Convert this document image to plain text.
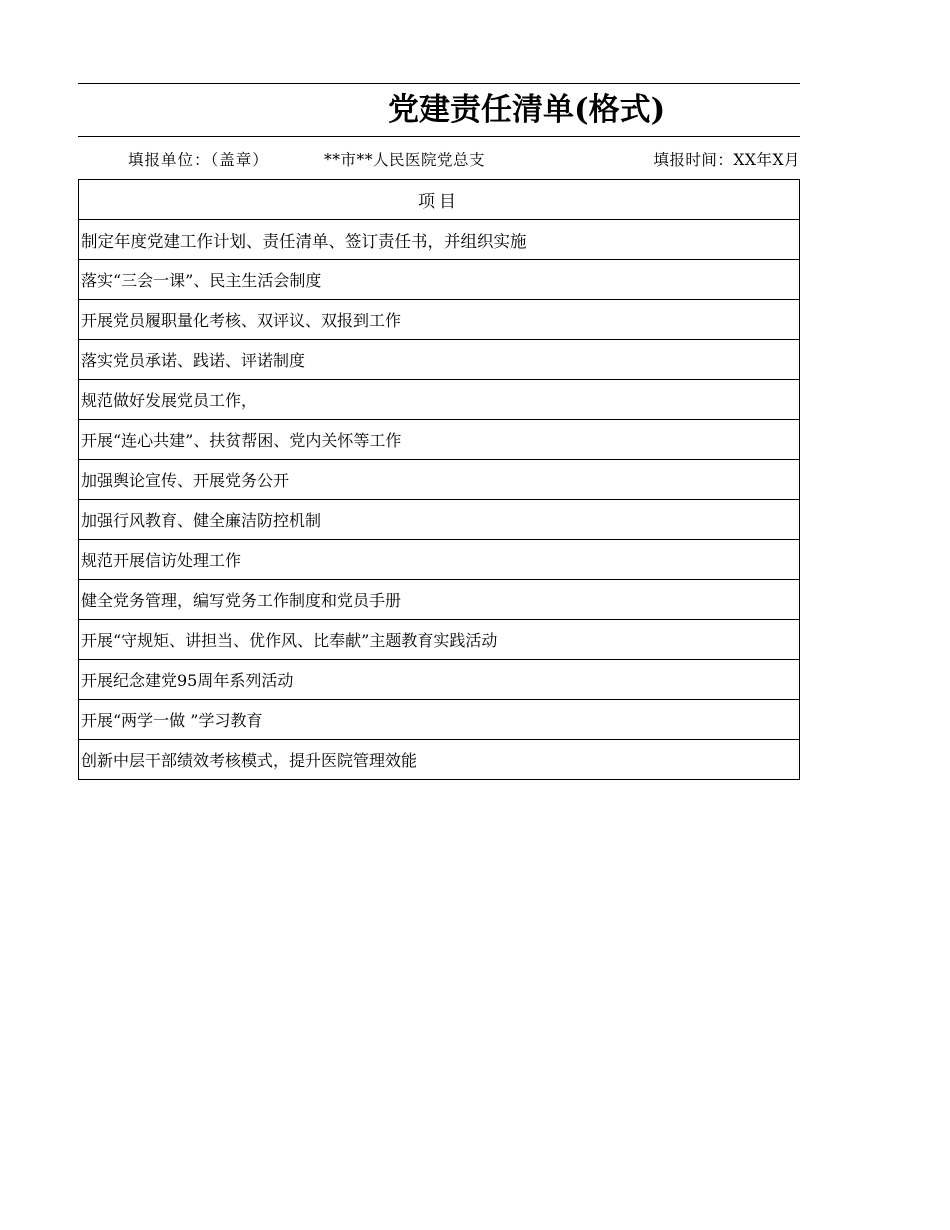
党建责任清单(格式)
填报单位：（盖章）	**市**人民医院党总支	填报时间：XX年X月
项目
制定年度党建工作计划、责任清单、签订责任书，并组织实施
落实“三会一课”、民主生活会制度
开展党员履职量化考核、双评议、双报到工作
落实党员承诺、践诺、评诺制度
规范做好发展党员工作，
开展“连心共建”、扶贫帮困、党内关怀等工作
加强舆论宣传、开展党务公开
加强行风教育、健全廉洁防控机制
规范开展信访处理工作
健全党务管理，编写党务工作制度和党员手册
开展“守规矩、讲担当、优作风、比奉献”主题教育实践活动
开展纪念建党95周年系列活动
开展“两学一做 ”学习教育
创新中层干部绩效考核模式，提升医院管理效能
